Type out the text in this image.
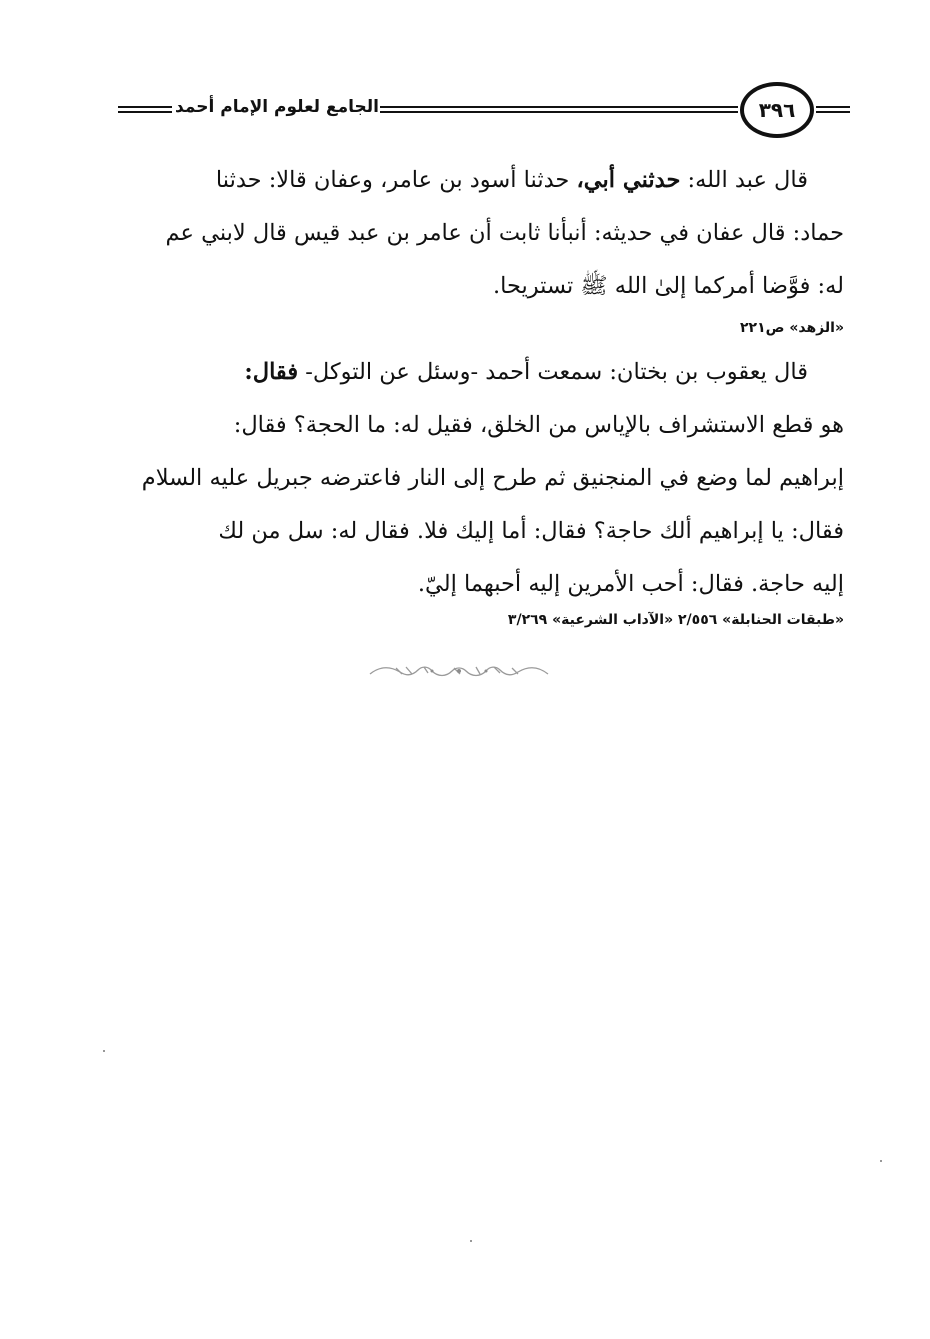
الجامع لعلوم الإمام أحمد	٣٩٦
قال عبد الله: حدثني أبي، حدثنا أسود بن عامر، وعفان قالا: حدثنا
حماد: قال عفان في حديثه: أنبأنا ثابت أن عامر بن عبد قيس قال لابني عم
له: فوَّضا أمركما إلىٰ الله ﷺ تستريحا.
«الزهد» ص٢٢١
قال يعقوب بن بختان: سمعت أحمد -وسئل عن التوكل- فقال:
هو قطع الاستشراف بالإياس من الخلق، فقيل له: ما الحجة؟ فقال:
إبراهيم لما وضع في المنجنيق ثم طرح إلى النار فاعترضه جبريل عليه السلام
فقال: يا إبراهيم ألك حاجة؟ فقال: أما إليك فلا. فقال له: سل من لك
إليه حاجة. فقال: أحب الأمرين إليه أحبهما إليّ.
«طبقات الحنابلة» ٢/٥٥٦ «الآداب الشرعية» ٣/٢٦٩
